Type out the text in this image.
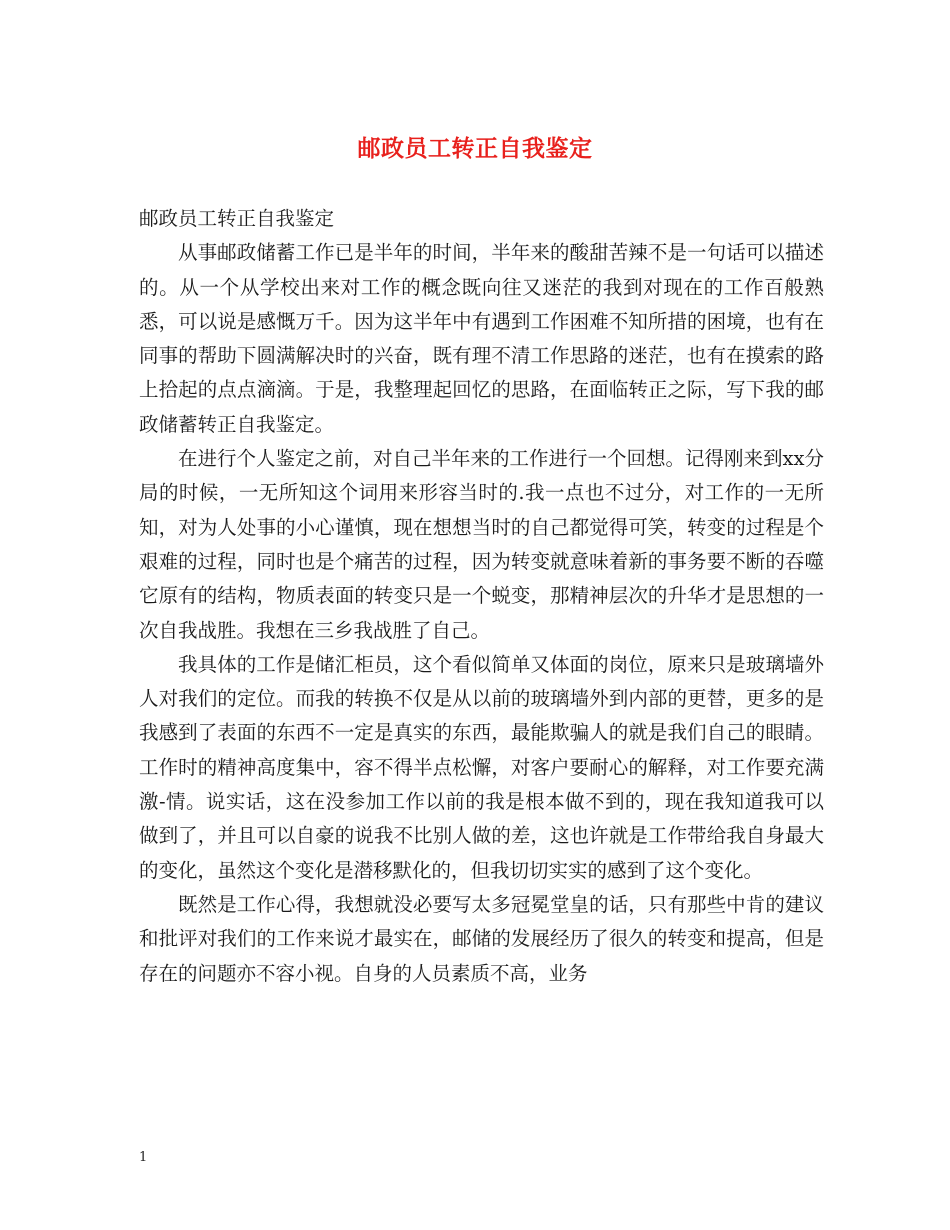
邮政员工转正自我鉴定

邮政员工转正自我鉴定

从事邮政储蓄工作已是半年的时间，半年来的酸甜苦辣不是一句话可以描述的。从一个从学校出来对工作的概念既向往又迷茫的我到对现在的工作百般熟悉，可以说是感慨万千。因为这半年中有遇到工作困难不知所措的困境，也有在同事的帮助下圆满解决时的兴奋，既有理不清工作思路的迷茫，也有在摸索的路上拾起的点点滴滴。于是，我整理起回忆的思路，在面临转正之际，写下我的邮政储蓄转正自我鉴定。

在进行个人鉴定之前，对自己半年来的工作进行一个回想。记得刚来到xx分局的时候，一无所知这个词用来形容当时的.我一点也不过分，对工作的一无所知，对为人处事的小心谨慎，现在想想当时的自己都觉得可笑，转变的过程是个艰难的过程，同时也是个痛苦的过程，因为转变就意味着新的事务要不断的吞噬它原有的结构，物质表面的转变只是一个蜕变，那精神层次的升华才是思想的一次自我战胜。我想在三乡我战胜了自己。

我具体的工作是储汇柜员，这个看似简单又体面的岗位，原来只是玻璃墙外人对我们的定位。而我的转换不仅是从以前的玻璃墙外到内部的更替，更多的是我感到了表面的东西不一定是真实的东西，最能欺骗人的就是我们自己的眼睛。工作时的精神高度集中，容不得半点松懈，对客户要耐心的解释，对工作要充满激-情。说实话，这在没参加工作以前的我是根本做不到的，现在我知道我可以做到了，并且可以自豪的说我不比别人做的差，这也许就是工作带给我自身最大的变化，虽然这个变化是潜移默化的，但我切切实实的感到了这个变化。

既然是工作心得，我想就没必要写太多冠冕堂皇的话，只有那些中肯的建议和批评对我们的工作来说才最实在，邮储的发展经历了很久的转变和提高，但是存在的问题亦不容小视。自身的人员素质不高，业务

1
